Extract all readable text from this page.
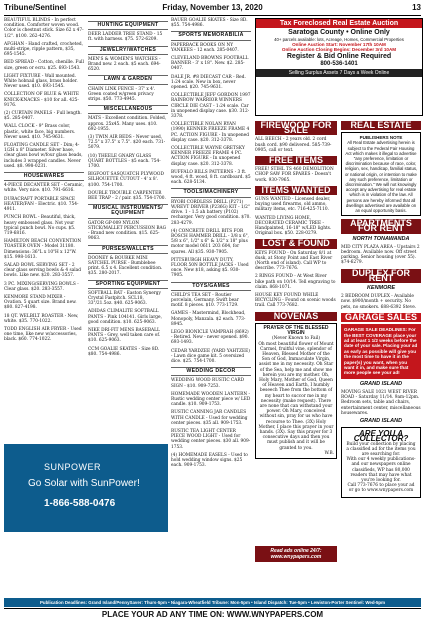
Tribune/Sentinel	Friday, November 13, 2020	13
BEAUTIFUL BLINDS - In perfect condition. Comforter woven wood. Color is chestnut stick. Size 62 x 47-1/2". $100. 262-4276.
AFGHAN - Hand crafted, crocheted, multi-stripe, ripple pattern, $35, 695-1545.
BED SPREAD - Cotton, chenille. Full size, green or ecru. $25. 693-1543.
LIGHT FIXTURE - Wall mounted. White hobnail glass, brass holder. Never used. $10. 693-1545.
COLLECTION OF BLUE & WHITE KNICK-KNACKS - $10 for all. 425-9176.
(2) CURTAIN PANELS - Full length. $5. 285-0407.
WALL CLOCK - 9" Brass color, plastic, white face, big numbers. Never used. $10. 745-9631.
FLOATING CANDLE SET - Dim; 4-1/2H x 8" Diameter. Silver base, clear glass bowl w/four glass beads, includes 3 wrapped candles. Never used. $8. 998-0231.
HOUSEWARES
4-PIECE DECANTER SET - Ceramic, white. Very nice. $10. 791-6616.
DURACRAFT PORTABLE SPACE HEATER/FAN - Electric. $10. 754-4911.
PUNCH BOWL - Beautiful, thick, heavy embossed glass. Not your typical punch bowl. No cups. $5. 719-6816.
HAMILTON BEACH CONVENTION TOASTER OVEN - Model 31180. Dimensions: 36"L x 10"H x 12"W. $15. 998-1613.
SALAD BOWL SERVING SET - 2 clear glass serving bowls & 4 salad bowls. Like new. $20. 283-3557.
3 PC. MIXING/SERVING BOWLS - Clear glass. $20. 283-3557.
KENMORE STAND MIXER - Ovation. 5 quart size. Brand new. $80. 827-4198.
18 QT. WELBILT ROASTER - New, white. $35. 770-1022.
TODD ENGLISH AIR FRYER - Used one time, like new w/accessories, black. $60. 774-1022.
SUNPOWER
Go Solar with SunPower!
1-866-588-0476
HUNTING EQUIPMENT
DEER LADDER TREE STAND - 15 ft. with harness. $75. 572-6209.
JEWELRY/WATCHES
MEN'S & WOMEN'S WATCHES - Brand new. 2 each. $5 each. 694-6520.
LAWN & GARDEN
CHAIN LINK FENCE - 37' x 4'. Green coated w/green privacy strips. $50. 773-4945.
MISCELLANEOUS
MATS - Excellent condition. Folded, approx. 25x45. Many uses. $10. 692-1955.
(3) TWIN AIR BEDS - Never used, 72.5" x 37.5" x 7.5". $20 each. 731-5079.
(10) THEELE GNARY GLASS QUART BOTTLES - $5 each. 754-1700.
BIGFOOT SASQUATCH PLYWOOD SILHOUETTE CUTOUT - 4' x 8'. $100. 754-1700.
DOUBLE TROUBLE CARPENTER BEE TRAP - 2 / pair. $35. 754-1700.
MUSICAL INSTRUMENTS/ EQUIPMENT
GATOR GP-009 NYLON STICK/MALLET PERCUSSION BAG - Brand new condition. $15. 625-9063.
PURSES/WALLETS
DOONEY & BOURKE MINI SATCHEL PURSE - Bumblebee print. 6.5 x 4. Excellent condition. $35. 280-2017.
SPORTING EQUIPMENT
SOFTBALL BAT - Easton Synergy Crystal Fastpitch. SCL18, 33"/21.5oz. $40. 625-9063.
ADIDAS CLIMALITE SOFTBALL PANTS - Pink 104141. Girls large, good condition. $10. 625-9063.
NIKE DRI-FIT MENS BASEBALL PANTS - Grey, well taken care of. $10. 625-9063.
CCM GOALIE SKATES - Size 8D. $80. 754-4986.
BAUER GOALIE SKATES - Size 8D. $55. 754-4986.
SPORTS MEMORABILIA
PAPERBACK BOOKS ON NY YANKEES - 12 each. 285-0407.
CLEVELAND BROWNS FOOTBALL BANNER - 3' x 18". New. $2. 285-0407.
DALE JR. #8 DIECAST CAR - Red. 1:24 scale. New in box, never opened. $20. 745-9631.
COLLECTIBLE JEFF GORDON 1997 RAINBOW WARRIOR WINNERS CIRCLE DIE CAST - 1:24 scale. Car in unopened display case. $30. 312-3378.
COLLECTIBLE NOLAN RYAN (1990) KENNER FREEZE FRAME 4 PC. ACTION FIGURE - In unopened display case. $20. 312-3378.
COLLECTIBLE WAYNE GRETSKY KENNER FREEZE FRAME 4 PC. ACTION FIGURE - In unopened display case. $20. 312-3378.
BUFFALO BILLS PATTERNS - 3 ft. wood, 4 ft. wood, 8 ft. cardboard. $5 each. 628-5134.
TOOLS/MACHINERY
RYOBI CORDLESS DRILL (P271) W/REVT DRIVER (P236G) KIT - 1/2" drive. 1 - 1.5 ah battery (P102) recharger. Very good condition. $70. 283-4279.
(4) CONCRETE DRILL BITS FOR BOSCH HAMMER DRILL - 3/8 x 6", 5/8 x 6", 1/2" x 6" & 1/2" x 18" plus motor model 0611 203 604, for spares. All $35. 930-7905.
PITTSBURGH HEAVY DUTY, FLOOR 50N BOTTLE JACKS - Used once. New $18, asking $5. 930-7905.
TOYS/GAMES
CHILD'S TEA SET - Routier porcelain, Germany. Swift bear motif. 8 pieces. $10. 773-1729.
GAMES - Mastermind, Blockhead, Monopoly, Manzala. $2 each. 773-8945.
LEGO BIONICLE VAMPRAH (8692) - Retired. New - never opened. $90. 693-1493.
CEDAR YARDZEE (YARD YAHTZEE) - Lawn dice game kit. 5 oversized dice. $25. 754-1700.
WEDDING DECOR
WEDDING WOOD RUSTIC CARD SIGN - $10. 909-7253.
HOMEMADE WOODEN LANTERN - Rustic wedding center piece w/ LED candle. $10. 909-1753.
RUSTIC CANNING JAR CANDLES WITH CANDLE - Used for wedding center pieces. $35 all. 909-1753.
RUSTIC TEA LIGHT CENTER PIECE WOOD LIGHT - Used for wedding center pieces. $30 all. 909-1753.
(4) HOMEMADE EASELS - Used to hold wedding window signs. $25 each. 909-1753.
Tax Foreclosed Real Estate Auction
Saratoga County • Online Only
40+ parcels available: lots, Acreage, Homes, Commercial Properties
Online Auction Start: November 17th 10AM
Online Auction Closing Begins: December 3rd 10AM
Register & Bid Online Required
800-536-1401
Selling Surplus Assets 7 Days a Week Online
FIREWOOD FOR SALE
ALL BEECH - 2 years old. 2 cord bush cord. $90 delivered. 585-739-0905, call or text.
FREE ITEMS
FREE! STIHL TS 460 DEMOLITION CHOP SAW FOR SPARES - Doesn't work. 930-7965.
ITEMS WANTED
GUNS WANTED - Licensed dealer, buying used firearms, old ammo, military items, etc. 716-425-7110.
WANTED LIVING HOME, DECORATED CERAMIC TREE - Handpainted, 16-18" w/LED lights. Original box. $50. 228-0279.
LOST & FOUND
KEYS FOUND - On Saturday 8/1 at dusk, at Stony Point and East River (North end of island). Call WP to describe. 773-7676.
2 RINGS FOUND - At West River bike path on 10/14. Tell engraving to claim. 868-1071.
HOUSE KEY FOUND WHILE BICYCLING - Found on scenic woods trail. Call 773-7682.
NOVENAS
PRAYER OF THE BLESSED VIRGIN
(Never Known to Fail)
Oh most beautiful flower of Mount Carmel, fruitful vine, splendor of Heaven, Blessed Mother of the Son of God, Immaculate Virgin, assist me in my necessity. Oh Star of the Sea, help me and show me herein you are my mother. Oh, Holy Mary, Mother of God, Queen of Heaven and Earth, I humbly beseech Thee from the bottom of my heart to succor me in my necessity (make request). There are none that can withstand your power. Oh Mary, conceived without sin, pray for us who have recourse to Thee. (3X) Holy Mother, I place this prayer in your hands. (3X). Say this prayer for 3 consecutive days and then you must publish and it will be granted to you.
W.B.
Read ads online 24/7: www.wnypapers.com
REAL ESTATE
PUBLISHERS NOTE
All Real Estate advertising herein is subject to the Federal Fair Housing Act which makes it illegal to advertise "any preference, limitation or discrimination because of race, color, religion, sex, handicap, familial status, or national origin, or intention to make any such preference, limitation or discrimination." We will not knowingly accept any advertising for real estate which is in violation of the law. All persons are hereby informed that all dwellings advertised are available on an equal opportunity basis.
APARTMENTS FOR RENT
NORTH TONAWANDA
MID CITY PLAZA AREA - Upstairs 2 bedroom. Available now. Off street parking. Senior housing (over 55). $74-6279.
DUPLEX FOR RENT
KENMORE
2 BEDROOM DUPLEX - Available now. $900/month + security. No pets, no smokers. 688-6392 Steve.
GARAGE SALES
GARAGE SALE DEADLINES: For the BEST COVERAGE place your ad at least 1 1/2 weeks before the date of your sale. Placing your ad as early as possible will give you the most time to have it in the paper(s) you want, when you want it in, and make sure that more people see your ad!
GRAND ISLAND
MOVING SALE 1021 WEST RIVER ROAD - Saturday 11/14. 9am-12pm. Bedroom sets, table and chairs, entertainment center, miscellaneous housewares.
GRAND ISLAND
ARE YOU A COLLECTOR?
Build your collection by placing a classified ad for the items you are searching for.
With our 4 weekly publications- and our newspapers online classifieds, WP has 80,000 readers that may have what you're looking for.
Call 773-7676 to place your ad or go to www.wnypapers.com
Publication Deadlines: Grand Island/PennySaver: Thurs-5pm • Niagara-Wheatfield Tribune: Mon-5pm • Island Dispatch: Tue-5pm • Lewiston-Porter Sentinel: Wed-5pm
PLACE YOUR AD ANY TIME ON: WWW.WNYPAPERS.COM
